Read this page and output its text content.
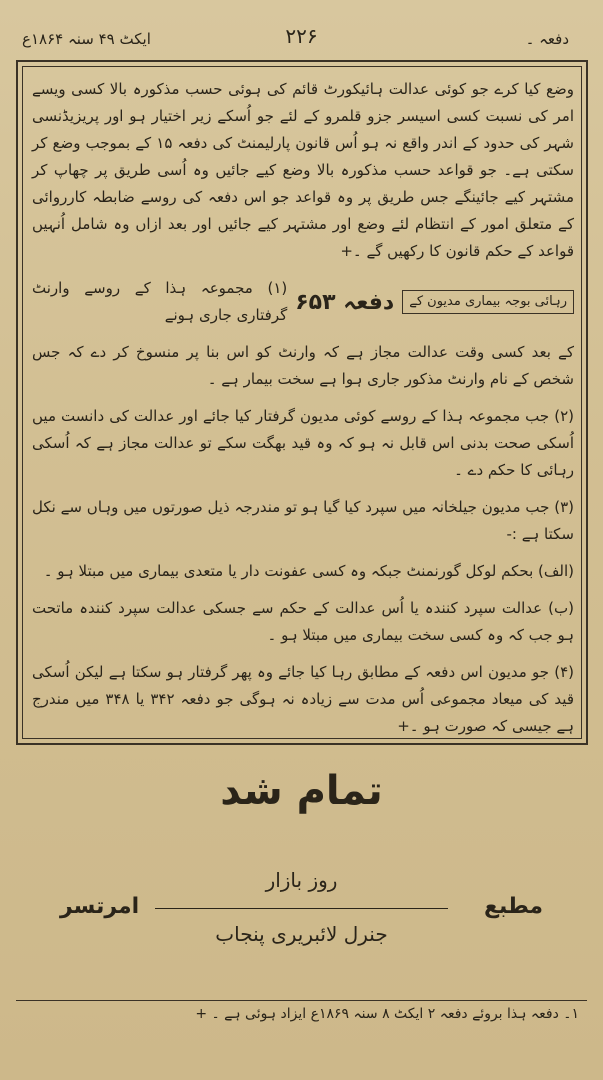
دفعہ ۔
۲۲۶
ایکٹ ۴۹ سنہ ۱۸۶۴ع

وضع کیا کرے جو کوئی عدالت ہائیکورٹ قائم کی ہوئی حسب مذکورہ بالا کسی ویسے امر کی نسبت کسی اسیسر جزو قلمرو کے لئے جو اُسکے زیر اختیار ہو اور پریزیڈنسی شہر کی حدود کے اندر واقع نہ ہو اُس قانون پارلیمنٹ کی دفعہ ۱۵ کے بموجب وضع کر سکتی ہے۔ جو قواعد حسب مذکورہ بالا وضع کیے جائیں وہ اُسی طریق پر چھاپ کر مشتہر کیے جائینگے جس طریق پر وہ قواعد جو اس دفعہ کی روسے ضابطہ کارروائی کے متعلق امور کے انتظام لئے وضع اور مشتہر کیے جائیں اور بعد ازاں وہ شامل اُنہیں قواعد کے حکم قانون کا رکھیں گے ۔+

رہائی بوجہ بیماری مدیون کے
دفعہ ۶۵۳
(۱) مجموعہ ہذا کے روسے وارنٹ گرفتاری جاری ہونے

کے بعد کسی وقت عدالت مجاز ہے کہ وارنٹ کو اس بنا پر منسوخ کر دے کہ جس شخص کے نام وارنٹ مذکور جاری ہوا ہے سخت بیمار ہے ۔

(۲) جب مجموعہ ہذا کے روسے کوئی مدیون گرفتار کیا جائے اور عدالت کی دانست میں اُسکی صحت بدنی اس قابل نہ ہو کہ وہ قید بھگت سکے تو عدالت مجاز ہے کہ اُسکی رہائی کا حکم دے ۔

(۳) جب مدیون جیلخانہ میں سپرد کیا گیا ہو تو مندرجہ ذیل صورتوں میں وہاں سے نکل سکتا ہے :-

(الف) بحکم لوکل گورنمنٹ جبکہ وہ کسی عفونت دار یا متعدی بیماری میں مبتلا ہو ۔

(ب) عدالت سپرد کنندہ یا اُس عدالت کے حکم سے جسکی عدالت سپرد کنندہ ماتحت ہو جب کہ وہ کسی سخت بیماری میں مبتلا ہو ۔

(۴) جو مدیون اس دفعہ کے مطابق رہا کیا جائے وہ پھر گرفتار ہو سکتا ہے لیکن اُسکی قید کی میعاد مجموعی اُس مدت سے زیادہ نہ ہوگی جو دفعہ ۳۴۲ یا ۳۴۸ میں مندرج ہے جیسی کہ صورت ہو ۔+

تمام شد
روز بازار
مطبع
امرتسر
جنرل لائبریری پنجاب
۱۔ دفعہ ہذا بروئے دفعہ ۲ ایکٹ ۸ سنہ ۱۸۶۹ع ایزاد ہوئی ہے ۔ +
